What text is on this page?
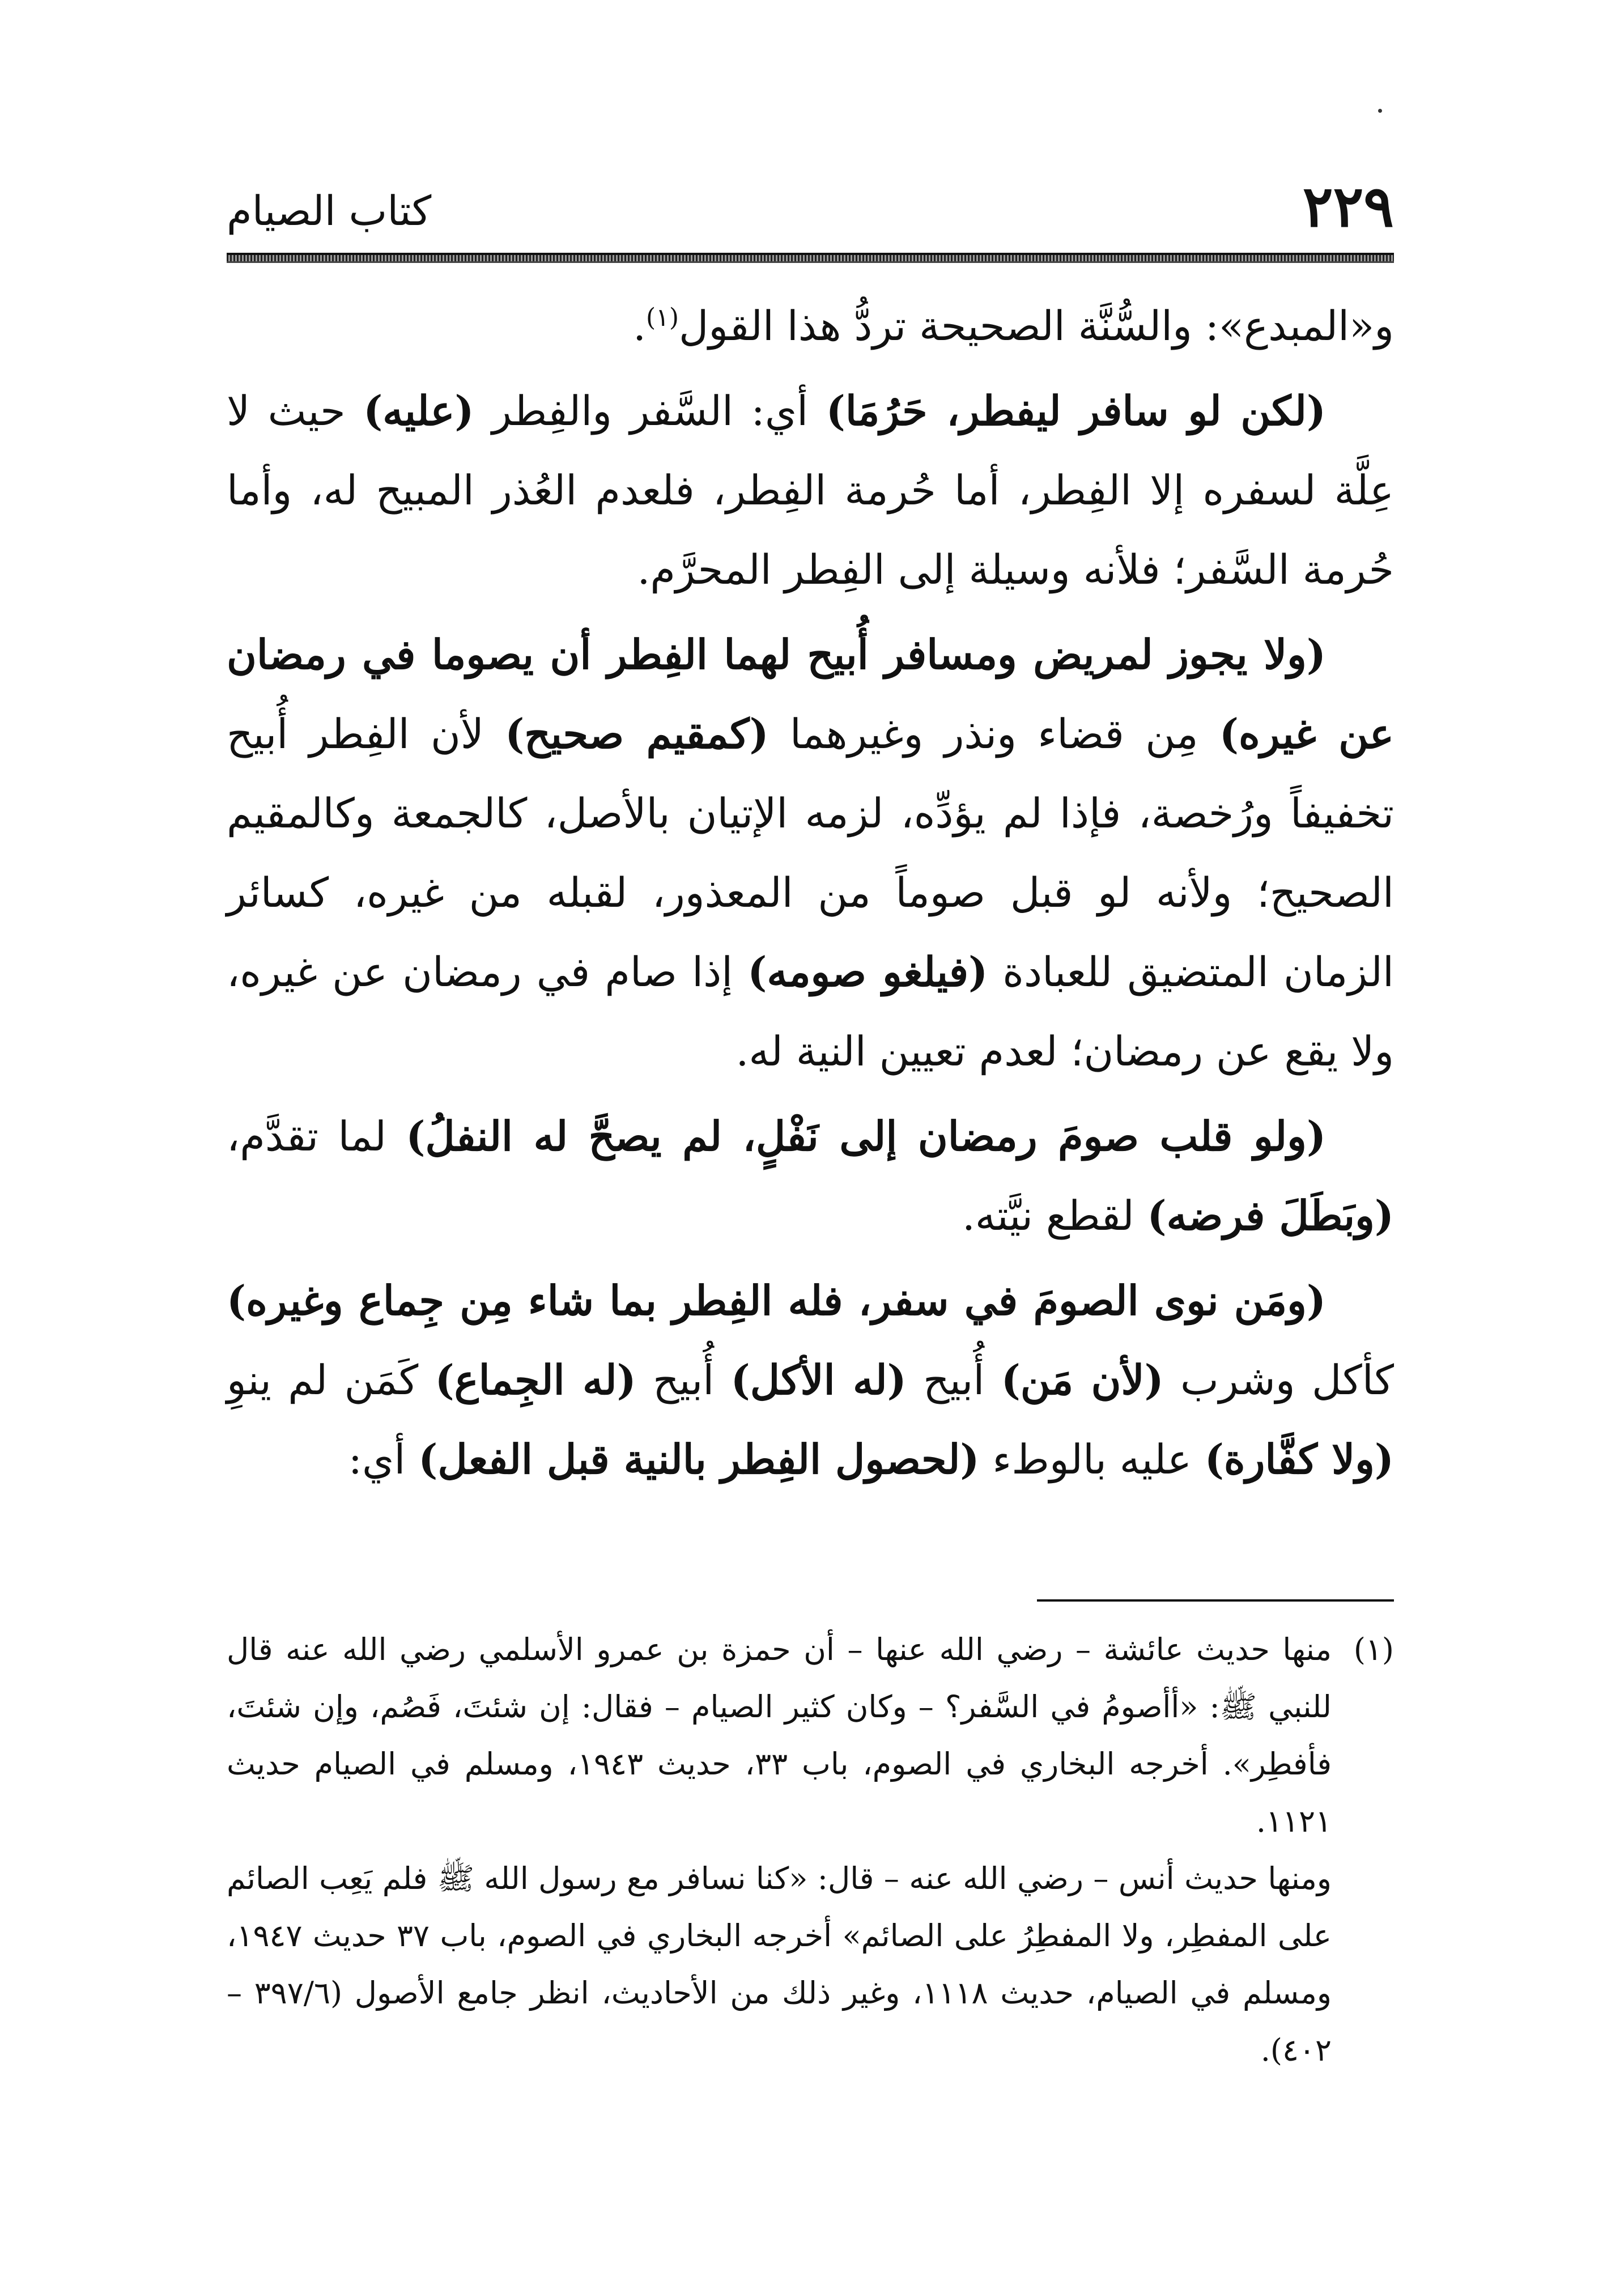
٢٢٩
كتاب الصيام

و«المبدع»: والسُّنَّة الصحيحة تردُّ هذا القول$^{(١)}$.

(لكن لو سافر ليفطر، حَرُمَا) أي: السَّفر والفِطر (عليه) حيث لا عِلَّة لسفره إلا الفِطر، أما حُرمة الفِطر، فلعدم العُذر المبيح له، وأما حُرمة السَّفر؛ فلأنه وسيلة إلى الفِطر المحرَّم.

(ولا يجوز لمريض ومسافر أُبيح لهما الفِطر أن يصوما في رمضان عن غيره) مِن قضاء ونذر وغيرهما (كمقيم صحيح) لأن الفِطر أُبيح تخفيفاً ورُخصة، فإذا لم يؤدِّه، لزمه الإتيان بالأصل، كالجمعة وكالمقيم الصحيح؛ ولأنه لو قبل صوماً من المعذور، لقبله من غيره، كسائر الزمان المتضيق للعبادة (فيلغو صومه) إذا صام في رمضان عن غيره، ولا يقع عن رمضان؛ لعدم تعيين النية له.

(ولو قلب صومَ رمضان إلى نَفْلٍ، لم يصحَّ له النفلُ) لما تقدَّم، (وبَطَلَ فرضه) لقطع نيَّته.

(ومَن نوى الصومَ في سفر، فله الفِطر بما شاء مِن جِماع وغيره) كأكل وشرب (لأن مَن) أُبيح (له الأكل) أُبيح (له الجِماع) كَمَن لم ينوِ (ولا كفَّارة) عليه بالوطء (لحصول الفِطر بالنية قبل الفعل) أي:

(١)
منها حديث عائشة – رضي الله عنها – أن حمزة بن عمرو الأسلمي رضي الله عنه قال للنبي ﷺ: «أأصومُ في السَّفر؟ – وكان كثير الصيام – فقال: إن شئتَ، فَصُم، وإن شئتَ، فأفطِر». أخرجه البخاري في الصوم، باب ٣٣، حديث ١٩٤٣، ومسلم في الصيام حديث ١١٢١.

ومنها حديث أنس – رضي الله عنه – قال: «كنا نسافر مع رسول الله ﷺ فلم يَعِب الصائم على المفطِر، ولا المفطِرُ على الصائم» أخرجه البخاري في الصوم، باب ٣٧ حديث ١٩٤٧، ومسلم في الصيام، حديث ١١١٨، وغير ذلك من الأحاديث، انظر جامع الأصول (٣٩٧/٦ – ٤٠٢).
